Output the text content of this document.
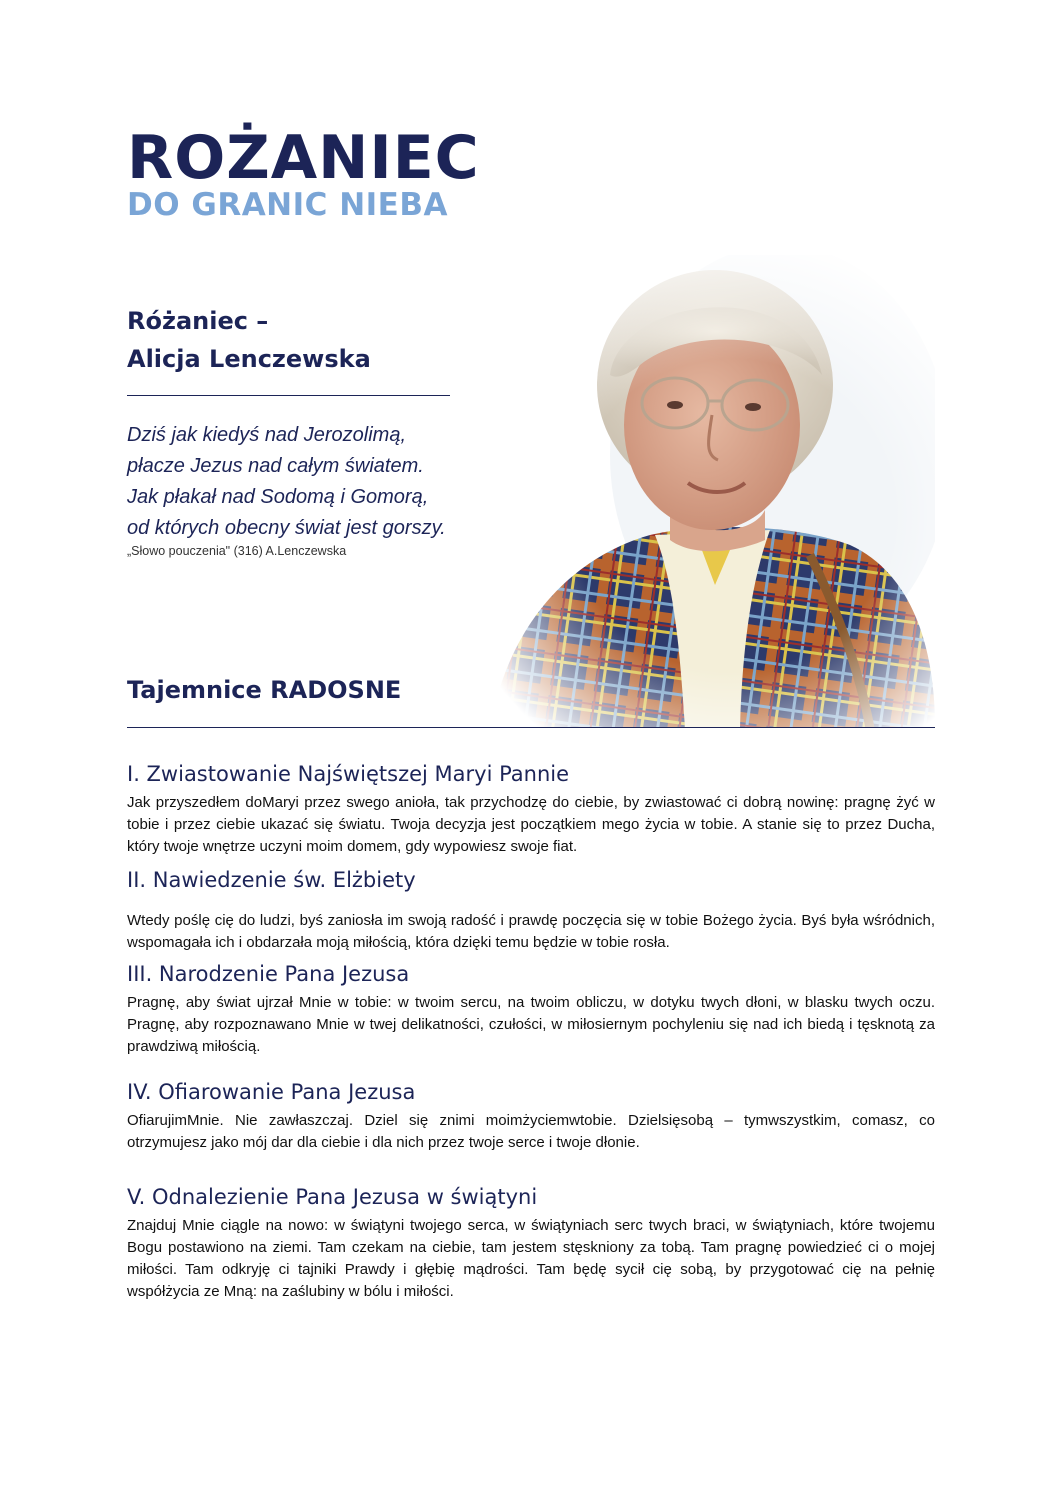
ROŻANIEC
DO GRANIC NIEBA
Różaniec –
Alicja Lenczewska
Dziś jak kiedyś nad Jerozolimą,
płacze Jezus nad całym światem.
Jak płakał nad Sodomą i Gomorą,
od których obecny świat jest gorszy.
„Słowo pouczenia" (316) A.Lenczewska
Tajemnice RADOSNE
I. Zwiastowanie Najświętszej Maryi Pannie

Jak przyszedłem doMaryi przez swego anioła, tak przychodzę do ciebie, by zwiastować ci dobrą nowinę: pragnę żyć w tobie i przez ciebie ukazać się światu. Twoja decyzja jest początkiem mego życia w tobie. A stanie się to przez Ducha, który twoje wnętrze uczyni moim domem, gdy wypowiesz swoje fiat.

II. Nawiedzenie św. Elżbiety

Wtedy poślę cię do ludzi, byś zaniosła im swoją radość i prawdę poczęcia się w tobie Bożego życia. Byś była wśródnich, wspomagała ich i obdarzała moją miłością, która dzięki temu będzie w tobie rosła.

III. Narodzenie Pana Jezusa

Pragnę, aby świat ujrzał Mnie w tobie: w twoim sercu, na twoim obliczu, w dotyku twych dłoni, w blasku twych oczu. Pragnę, aby rozpoznawano Mnie w twej delikatności, czułości, w miłosiernym pochyleniu się nad ich biedą i tęsknotą za prawdziwą miłością.

IV. Ofiarowanie Pana Jezusa

OfiarujimMnie. Nie zawłaszczaj. Dziel się znimi moimżyciemwtobie. Dzielsięsobą – tymwszystkim, comasz, co otrzymujesz jako mój dar dla ciebie i dla nich przez twoje serce i twoje dłonie.

V. Odnalezienie Pana Jezusa w świątyni

Znajduj Mnie ciągle na nowo: w świątyni twojego serca, w świątyniach serc twych braci, w świątyniach, które twojemu Bogu postawiono na ziemi. Tam czekam na ciebie, tam jestem stęskniony za tobą. Tam pragnę powiedzieć ci o mojej miłości. Tam odkryję ci tajniki Prawdy i głębię mądrości. Tam będę sycił cię sobą, by przygotować cię na pełnię współżycia ze Mną: na zaślubiny w bólu i miłości.
